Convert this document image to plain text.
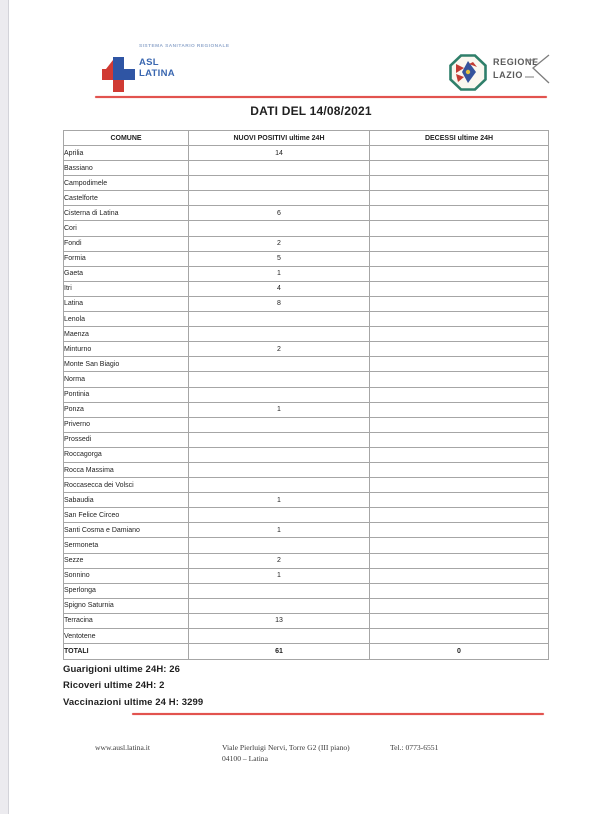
SISTEMA SANITARIO REGIONALE
ASL
LATINA
REGIONE
LAZIO
DATI DEL 14/08/2021
COMUNE	NUOVI POSITIVI ultime 24H	DECESSI ultime 24H
Aprilia	14	
Bassiano		
Campodimele		
Castelforte		
Cisterna di Latina	6	
Cori		
Fondi	2	
Formia	5	
Gaeta	1	
Itri	4	
Latina	8	
Lenola		
Maenza		
Minturno	2	
Monte San Biagio		
Norma		
Pontinia		
Ponza	1	
Priverno		
Prossedi		
Roccagorga		
Rocca Massima		
Roccasecca dei Volsci		
Sabaudia	1	
San Felice Circeo		
Santi Cosma e Damiano	1	
Sermoneta		
Sezze	2	
Sonnino	1	
Sperlonga		
Spigno Saturnia		
Terracina	13	
Ventotene		
TOTALI	61	0
Guarigioni ultime 24H: 26
Ricoveri ultime 24H: 2
Vaccinazioni ultime 24 H: 3299
www.ausl.latina.it	Viale Pierluigi Nervi, Torre G2 (III piano)
04100 – Latina
Tel.: 0773-6551
